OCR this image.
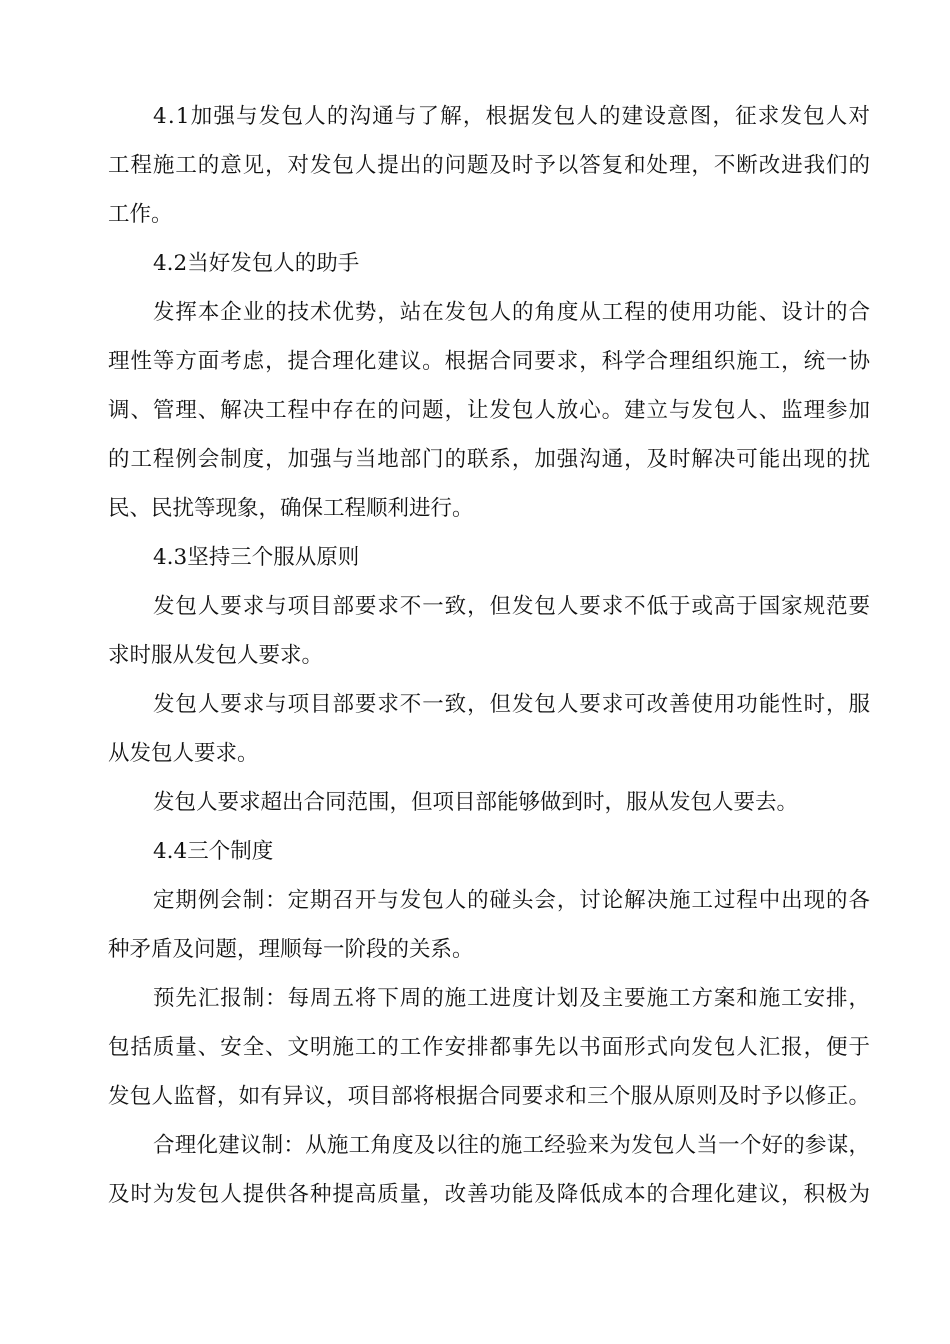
4.1加强与发包人的沟通与了解，根据发包人的建设意图，征求发包人对
工程施工的意见，对发包人提出的问题及时予以答复和处理，不断改进我们的
工作。
4.2当好发包人的助手
发挥本企业的技术优势，站在发包人的角度从工程的使用功能、设计的合
理性等方面考虑，提合理化建议。根据合同要求，科学合理组织施工，统一协
调、管理、解决工程中存在的问题，让发包人放心。建立与发包人、监理参加
的工程例会制度，加强与当地部门的联系，加强沟通，及时解决可能出现的扰
民、民扰等现象，确保工程顺利进行。
4.3坚持三个服从原则
发包人要求与项目部要求不一致，但发包人要求不低于或高于国家规范要
求时服从发包人要求。
发包人要求与项目部要求不一致，但发包人要求可改善使用功能性时，服
从发包人要求。
发包人要求超出合同范围，但项目部能够做到时，服从发包人要去。
4.4三个制度
定期例会制：定期召开与发包人的碰头会，讨论解决施工过程中出现的各
种矛盾及问题，理顺每一阶段的关系。
预先汇报制：每周五将下周的施工进度计划及主要施工方案和施工安排，
包括质量、安全、文明施工的工作安排都事先以书面形式向发包人汇报，便于
发包人监督，如有异议，项目部将根据合同要求和三个服从原则及时予以修正。
合理化建议制：从施工角度及以往的施工经验来为发包人当一个好的参谋，
及时为发包人提供各种提高质量，改善功能及降低成本的合理化建议，积极为
